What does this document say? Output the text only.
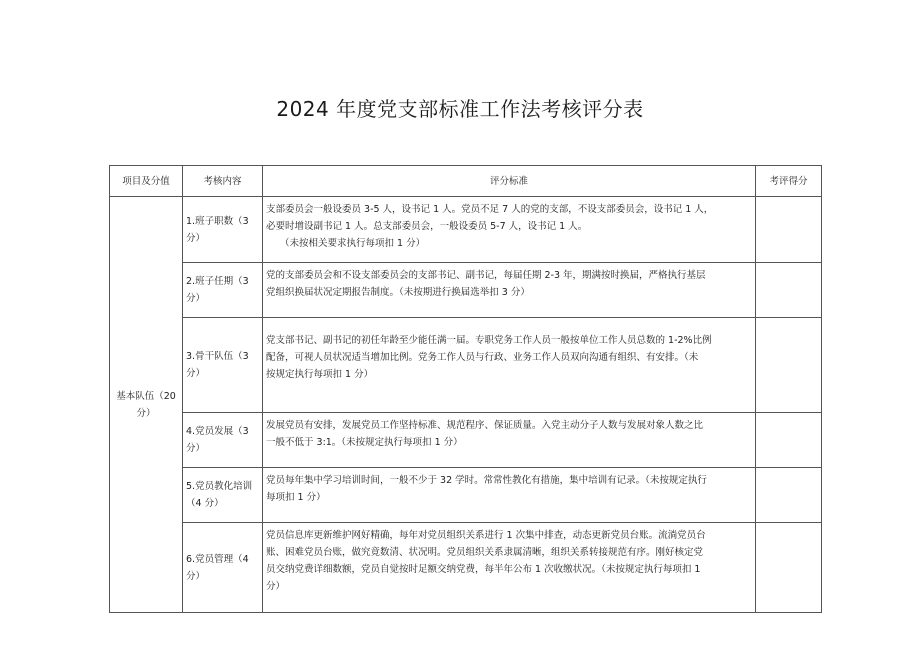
2024 年度党支部标准工作法考核评分表
项目及分值	考核内容	评分标准	考评得分
基本队伍（20 分）	1.班子职数（3 分）	支部委员会一般设委员 3-5 人，设书记 1 人。党员不足 7 人的党的支部，不设支部委员会，设书记 1 人，
必要时增设副书记 1 人。总支部委员会，一般设委员 5-7 人，设书记 1 人。
（未按相关要求执行每项扣 1 分）	

	2.班子任期（3 分）	党的支部委员会和不设支部委员会的支部书记、副书记，每届任期 2-3 年，期满按时换届，严格执行基层
党组织换届状况定期报告制度。（未按期进行换届选举扣 3 分）	

	3.骨干队伍（3 分）	党支部书记、副书记的初任年龄至少能任满一届。专职党务工作人员一般按单位工作人员总数的 1-2%比例
配备，可视人员状况适当增加比例。党务工作人员与行政、业务工作人员双向沟通有组织、有安排。（未
按规定执行每项扣 1 分）	

	4.党员发展（3 分）	发展党员有安排，发展党员工作坚持标准、规范程序、保证质量。入党主动分子人数与发展对象人数之比
一般不低于 3:1。（未按规定执行每项扣 1 分）	

	5.党员教化培训（4 分）	党员每年集中学习培训时间，一般不少于 32 学时。常常性教化有措施，集中培训有记录。（未按规定执行
每项扣 1 分）	

	6.党员管理（4 分）	党员信息库更新维护网好精确，每年对党员组织关系进行 1 次集中排查，动态更新党员台账。流淌党员台
账、困难党员台账，做究竟数清、状况明。党员组织关系隶属清晰，组织关系转接规范有序。刚好核定党
员交纳党费详细数额，党员自觉按时足额交纳党费，每半年公布 1 次收缴状况。（未按规定执行每项扣 1
分）	
